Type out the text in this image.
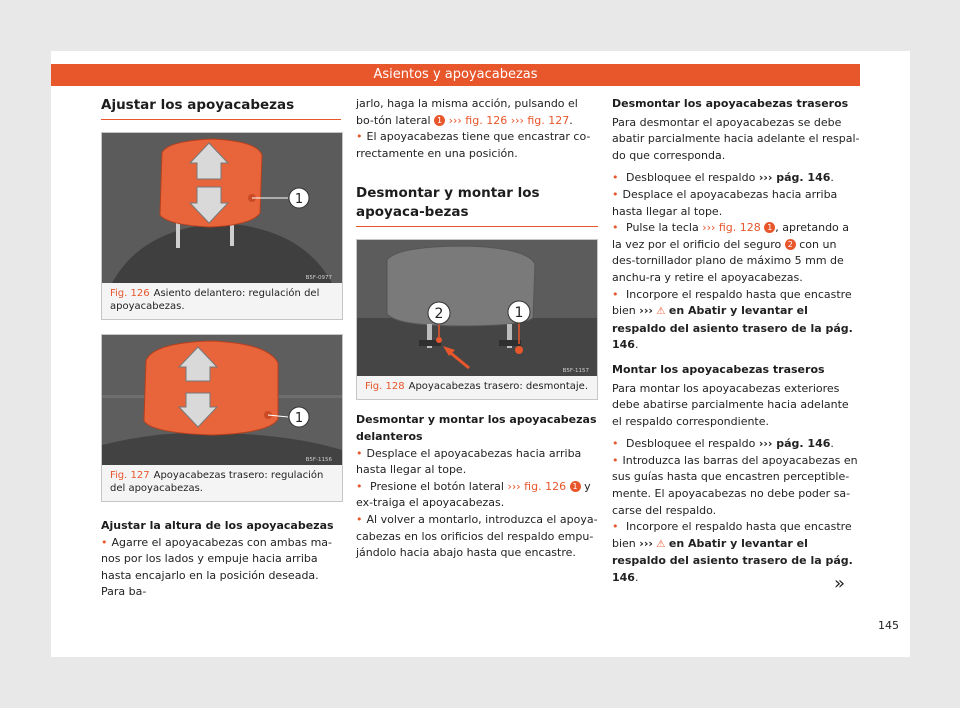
Asientos y apoyacabezas
Ajustar los apoyacabezas
1
B5F-0977
Fig. 126 Asiento delantero: regulación del apoyacabezas.
1
B5F-1156
Fig. 127 Apoyacabezas trasero: regulación del apoyacabezas.

Ajustar la altura de los apoyacabezas

• Agarre el apoyacabezas con ambas ma-nos por los lados y empuje hacia arriba hasta encajarlo en la posición deseada. Para ba-

jarlo, haga la misma acción, pulsando el bo-tón lateral 1 ››› fig. 126 ››› fig. 127.

• El apoyacabezas tiene que encastrar co-rrectamente en una posición.

Desmontar y montar los apoyaca-bezas
1
2
B5F-1157
Fig. 128 Apoyacabezas trasero: desmontaje.

Desmontar y montar los apoyacabezas delanteros

• Desplace el apoyacabezas hacia arriba hasta llegar al tope.

• Presione el botón lateral ››› fig. 126 1 y ex-traiga el apoyacabezas.

• Al volver a montarlo, introduzca el apoya-cabezas en los orificios del respaldo empu-jándolo hacia abajo hasta que encastre.

Desmontar los apoyacabezas traseros

Para desmontar el apoyacabezas se debe abatir parcialmente hacia adelante el respal-do que corresponda.

• Desbloquee el respaldo ››› pág. 146.

• Desplace el apoyacabezas hacia arriba hasta llegar al tope.

• Pulse la tecla ››› fig. 128 1 , apretando a la vez por el orificio del seguro 2 con un des-tornillador plano de máximo 5 mm de anchu-ra y retire el apoyacabezas.

• Incorpore el respaldo hasta que encastre bien ››› ⚠ en Abatir y levantar el respaldo del asiento trasero de la pág. 146.

Montar los apoyacabezas traseros

Para montar los apoyacabezas exteriores debe abatirse parcialmente hacia adelante el respaldo correspondiente.

• Desbloquee el respaldo ››› pág. 146.

• Introduzca las barras del apoyacabezas en sus guías hasta que encastren perceptible-mente. El apoyacabezas no debe poder sa-carse del respaldo.

• Incorpore el respaldo hasta que encastre bien ››› ⚠ en Abatir y levantar el respaldo del asiento trasero de la pág. 146.	»
145
